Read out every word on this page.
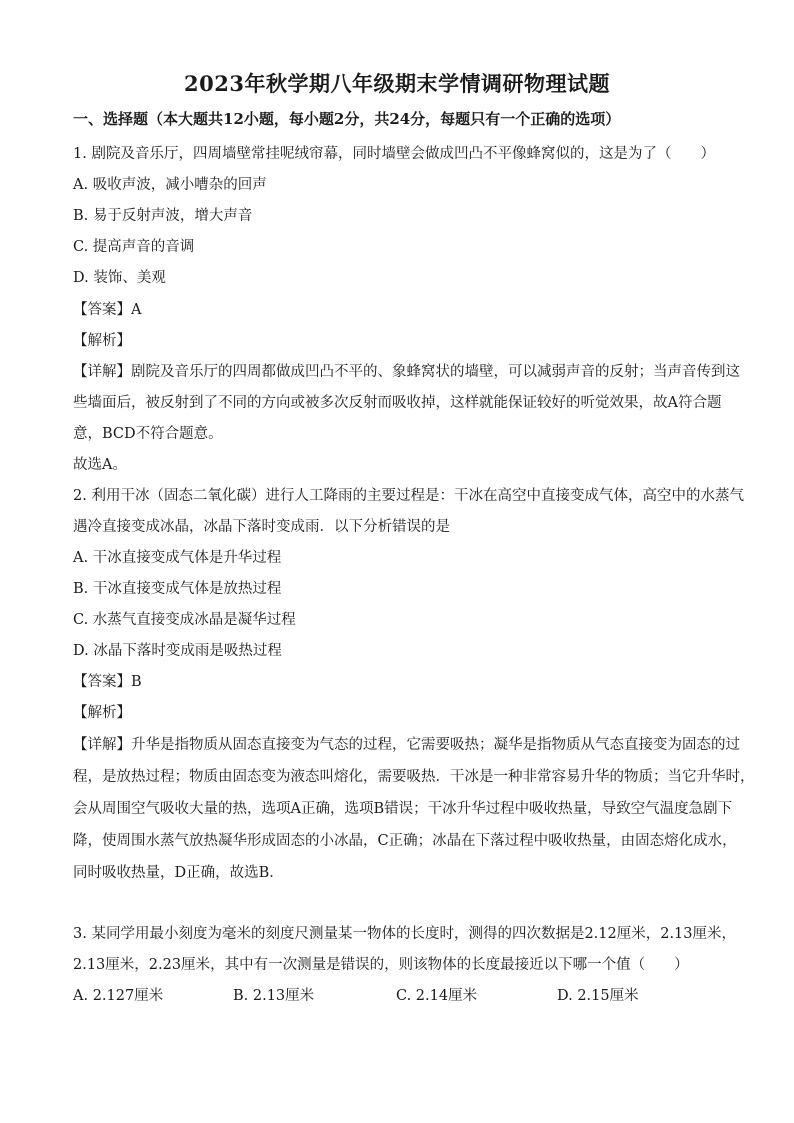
2023年秋学期八年级期末学情调研物理试题
一、选择题（本大题共12小题，每小题2分，共24分，每题只有一个正确的选项）
1. 剧院及音乐厅，四周墙壁常挂呢绒帘幕，同时墙壁会做成凹凸不平像蜂窝似的，这是为了（　　）
A. 吸收声波，减小嘈杂的回声
B. 易于反射声波，增大声音
C. 提高声音的音调
D. 装饰、美观
【答案】A
【解析】
【详解】剧院及音乐厅的四周都做成凹凸不平的、象蜂窝状的墙壁，可以减弱声音的反射；当声音传到这
些墙面后，被反射到了不同的方向或被多次反射而吸收掉，这样就能保证较好的听觉效果，故A符合题
意，BCD不符合题意。
故选A。
2. 利用干冰（固态二氧化碳）进行人工降雨的主要过程是：干冰在高空中直接变成气体，高空中的水蒸气
遇冷直接变成冰晶，冰晶下落时变成雨．以下分析错误的是
A. 干冰直接变成气体是升华过程
B. 干冰直接变成气体是放热过程
C. 水蒸气直接变成冰晶是凝华过程
D. 冰晶下落时变成雨是吸热过程
【答案】B
【解析】
【详解】升华是指物质从固态直接变为气态的过程，它需要吸热；凝华是指物质从气态直接变为固态的过
程，是放热过程；物质由固态变为液态叫熔化，需要吸热．干冰是一种非常容易升华的物质；当它升华时，
会从周围空气吸收大量的热，选项A正确，选项B错误；干冰升华过程中吸收热量，导致空气温度急剧下
降，使周围水蒸气放热凝华形成固态的小冰晶，C正确；冰晶在下落过程中吸收热量，由固态熔化成水，
同时吸收热量，D正确，故选B．
3. 某同学用最小刻度为毫米的刻度尺测量某一物体的长度时，测得的四次数据是2.12厘米，2.13厘米，
2.13厘米，2.23厘米，其中有一次测量是错误的，则该物体的长度最接近以下哪一个值（　　）
A. 2.127厘米	B. 2.13厘米	C. 2.14厘米	D. 2.15厘米
